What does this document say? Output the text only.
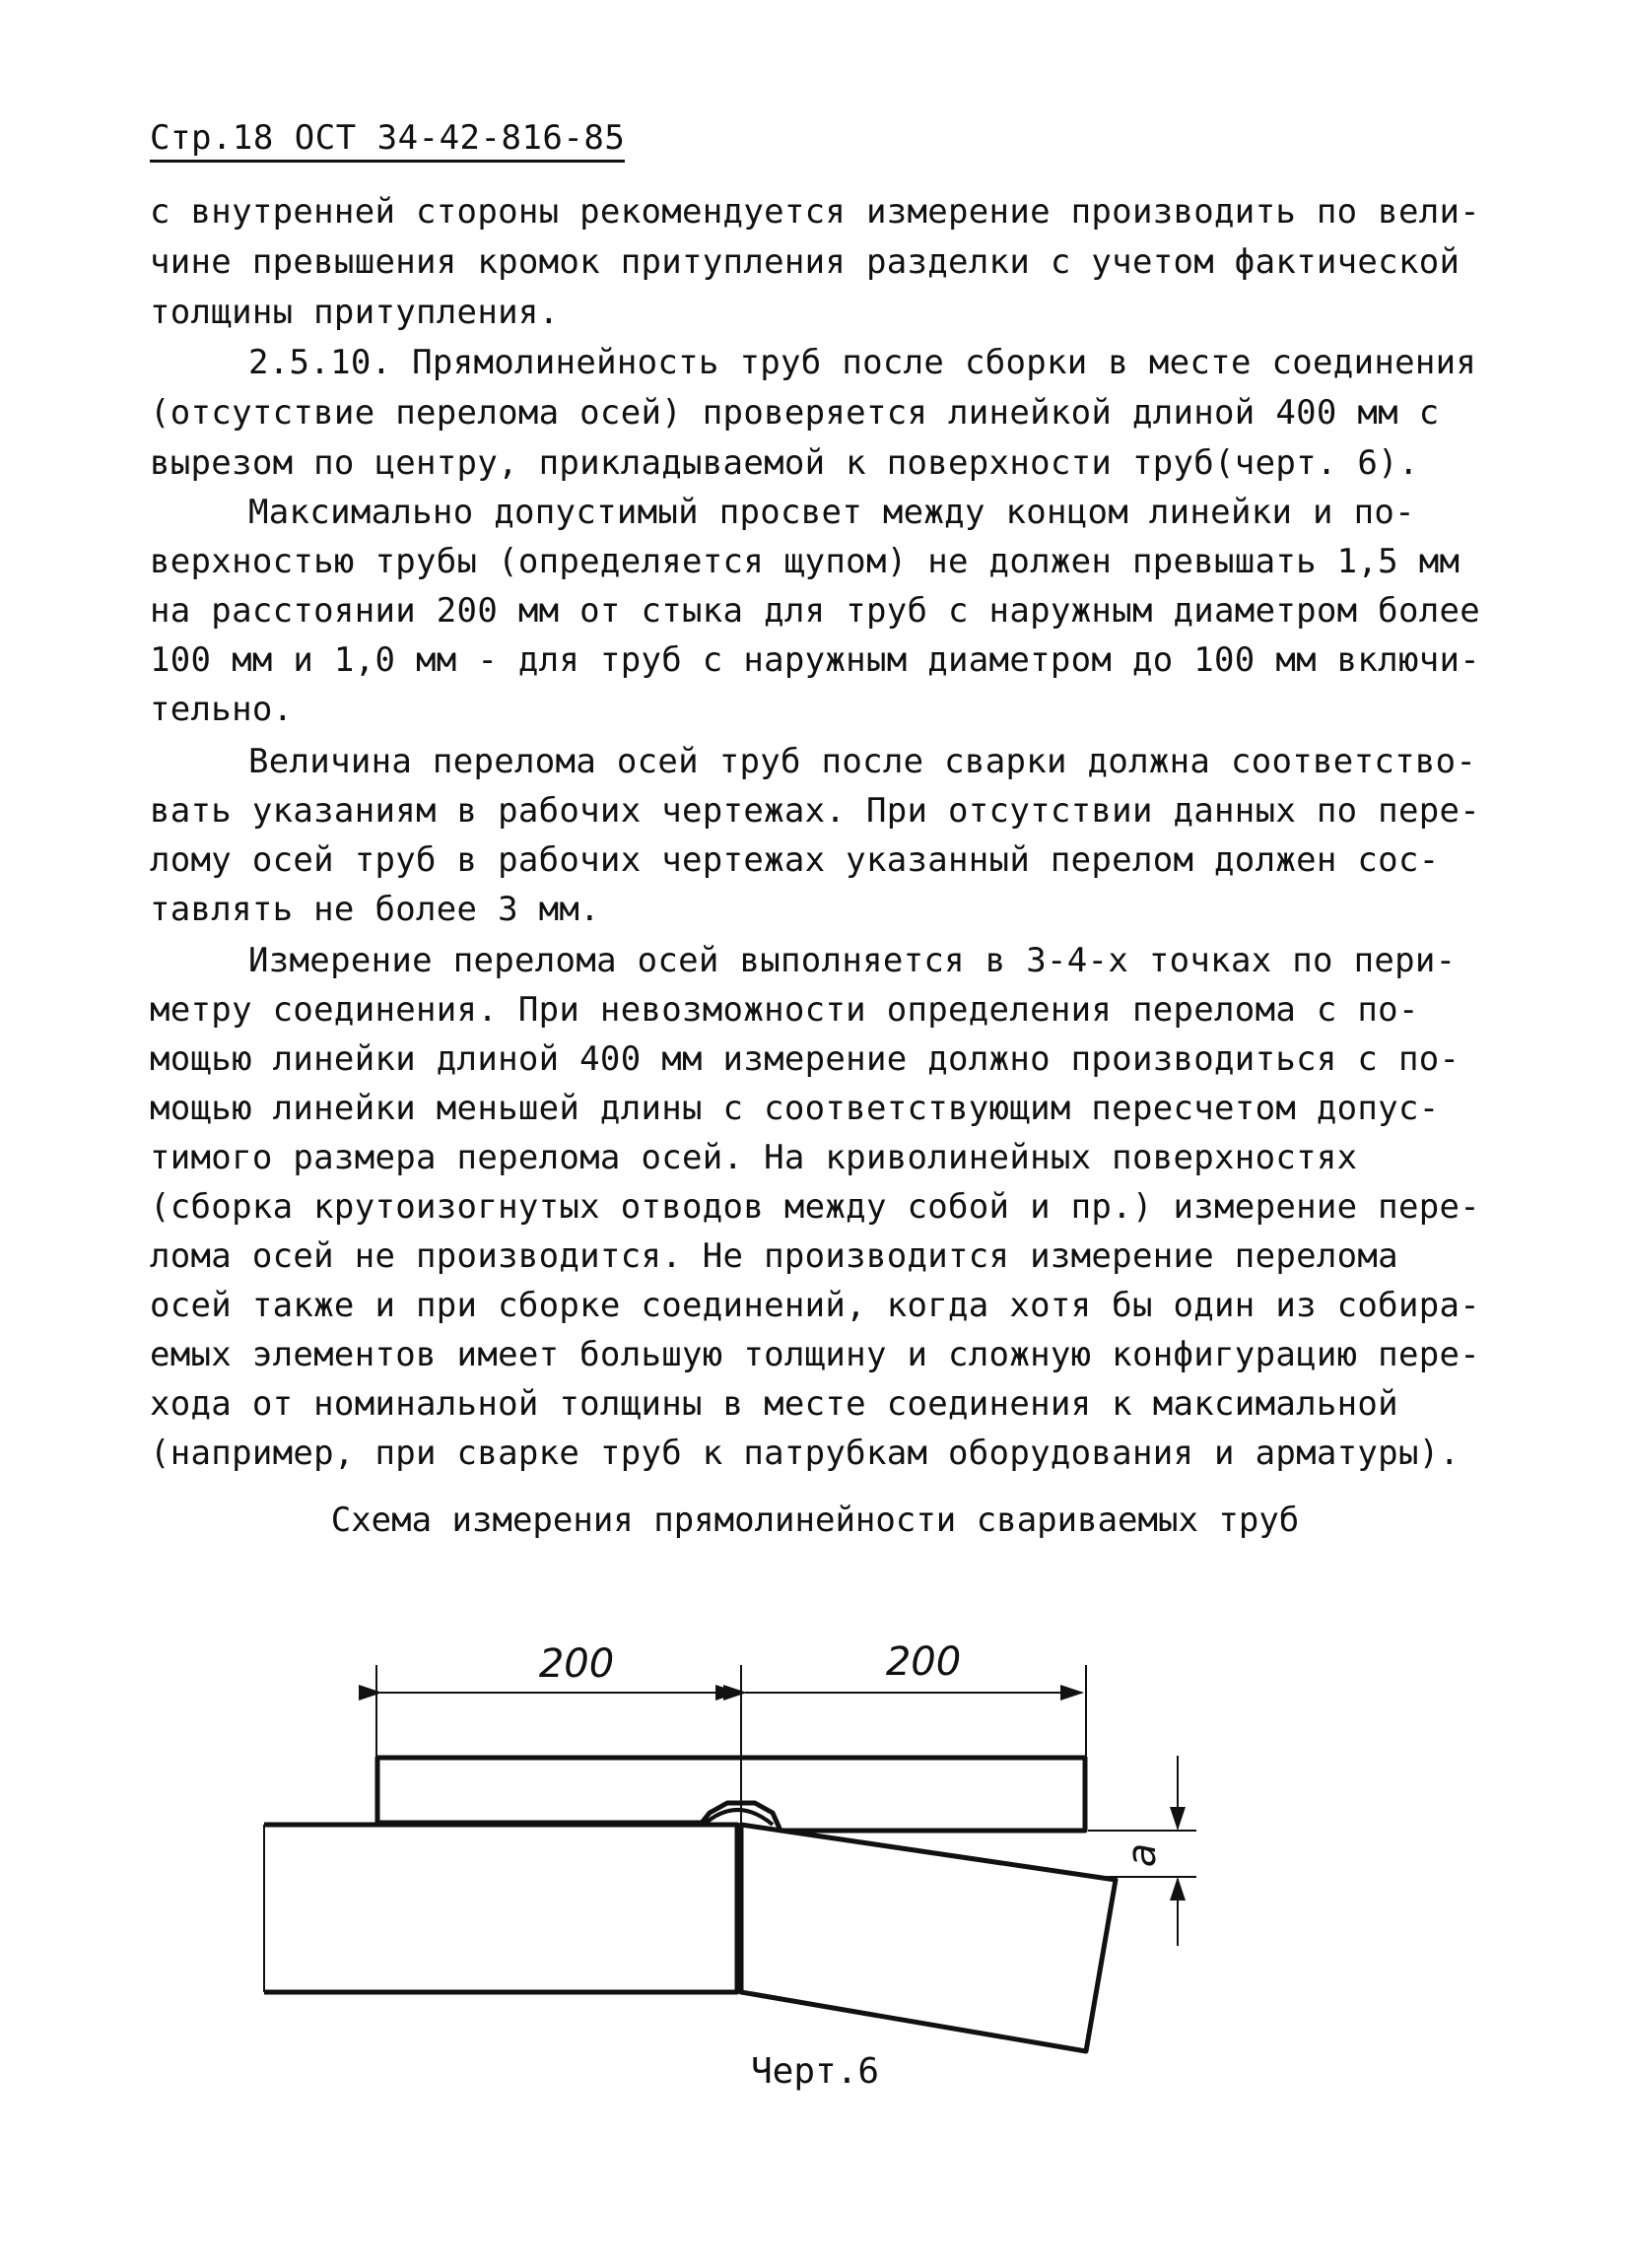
Стр.18 ОСТ 34-42-816-85
с внутренней стороны рекомендуется измерение производить по вели-
чине превышения кромок притупления разделки с учетом фактической
толщины притупления.
2.5.10. Прямолинейность труб после сборки в месте соединения
(отсутствие перелома осей) проверяется линейкой длиной 400 мм с
вырезом по центру, прикладываемой к поверхности труб(черт. 6).
Максимально допустимый просвет между концом линейки и по-
верхностью трубы (определяется щупом) не должен превышать 1,5 мм
на расстоянии 200 мм от стыка для труб с наружным диаметром более
100 мм и 1,0 мм - для труб с наружным диаметром до 100 мм включи-
тельно.
Величина перелома осей труб после сварки должна соответство-
вать указаниям в рабочих чертежах. При отсутствии данных по пере-
лому осей труб в рабочих чертежах указанный перелом должен сос-
тавлять не более 3 мм.
Измерение перелома осей выполняется в 3-4-х точках по пери-
метру соединения. При невозможности определения перелома с по-
мощью линейки длиной 400 мм измерение должно производиться с по-
мощью линейки меньшей длины с соответствующим пересчетом допус-
тимого размера перелома осей. На криволинейных поверхностях
(сборка крутоизогнутых отводов между собой и пр.) измерение пере-
лома осей не производится. Не производится измерение перелома
осей также и при сборке соединений, когда хотя бы один из собира-
емых элементов имеет большую толщину и сложную конфигурацию пере-
хода от номинальной толщины в месте соединения к максимальной
(например, при сварке труб к патрубкам оборудования и арматуры).
Схема измерения прямолинейности свариваемых труб
200	200
a
Черт.6
